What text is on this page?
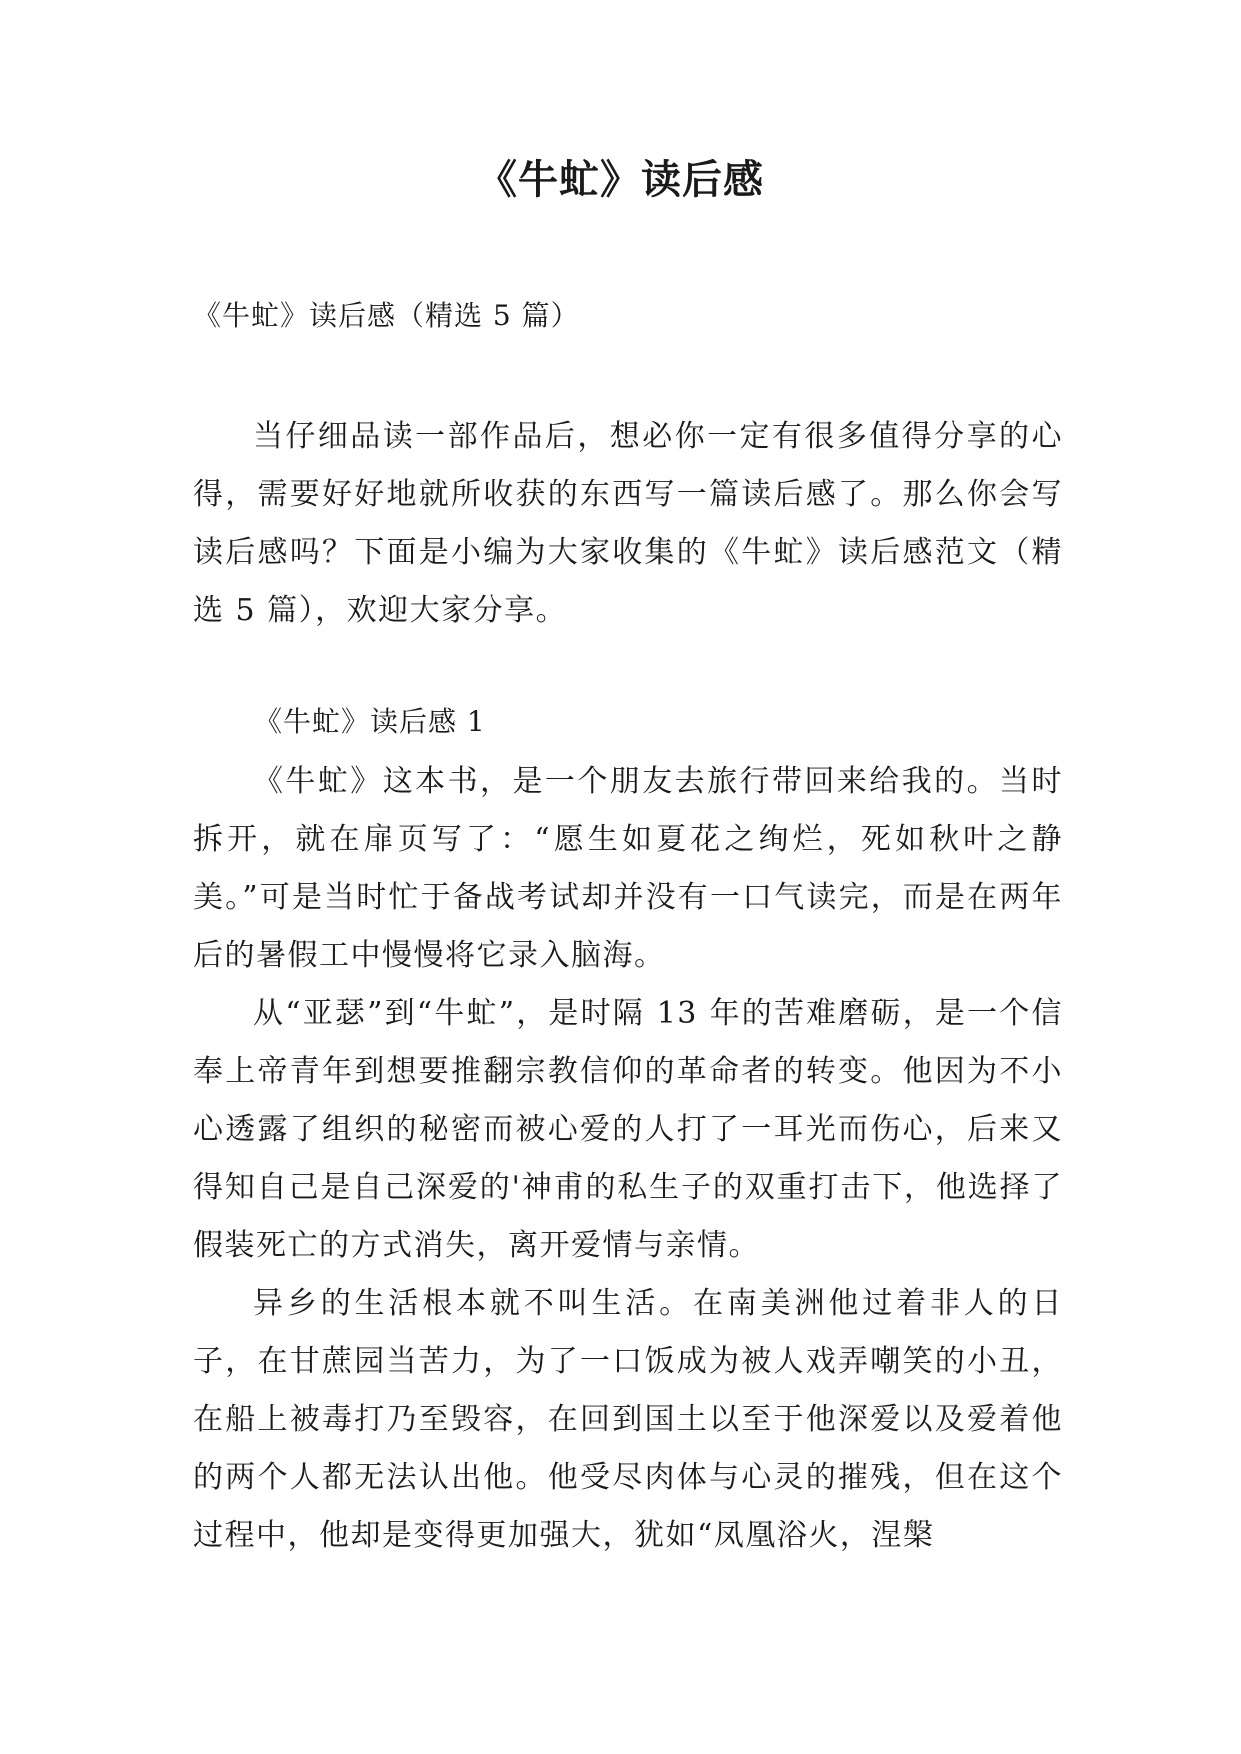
《牛虻》读后感

《牛虻》读后感（精选 5 篇）

当仔细品读一部作品后，想必你一定有很多值得分享的心得，需要好好地就所收获的东西写一篇读后感了。那么你会写读后感吗？下面是小编为大家收集的《牛虻》读后感范文（精选 5 篇），欢迎大家分享。

《牛虻》读后感 1

《牛虻》这本书，是一个朋友去旅行带回来给我的。当时拆开，就在扉页写了：“愿生如夏花之绚烂，死如秋叶之静美。”可是当时忙于备战考试却并没有一口气读完，而是在两年后的暑假工中慢慢将它录入脑海。

从“亚瑟”到“牛虻”，是时隔 13 年的苦难磨砺，是一个信奉上帝青年到想要推翻宗教信仰的革命者的转变。他因为不小心透露了组织的秘密而被心爱的人打了一耳光而伤心，后来又得知自己是自己深爱的'神甫的私生子的双重打击下，他选择了假装死亡的方式消失，离开爱情与亲情。

异乡的生活根本就不叫生活。在南美洲他过着非人的日子，在甘蔗园当苦力，为了一口饭成为被人戏弄嘲笑的小丑，在船上被毒打乃至毁容，在回到国土以至于他深爱以及爱着他的两个人都无法认出他。他受尽肉体与心灵的摧残，但在这个过程中，他却是变得更加强大，犹如“凤凰浴火，涅槃
